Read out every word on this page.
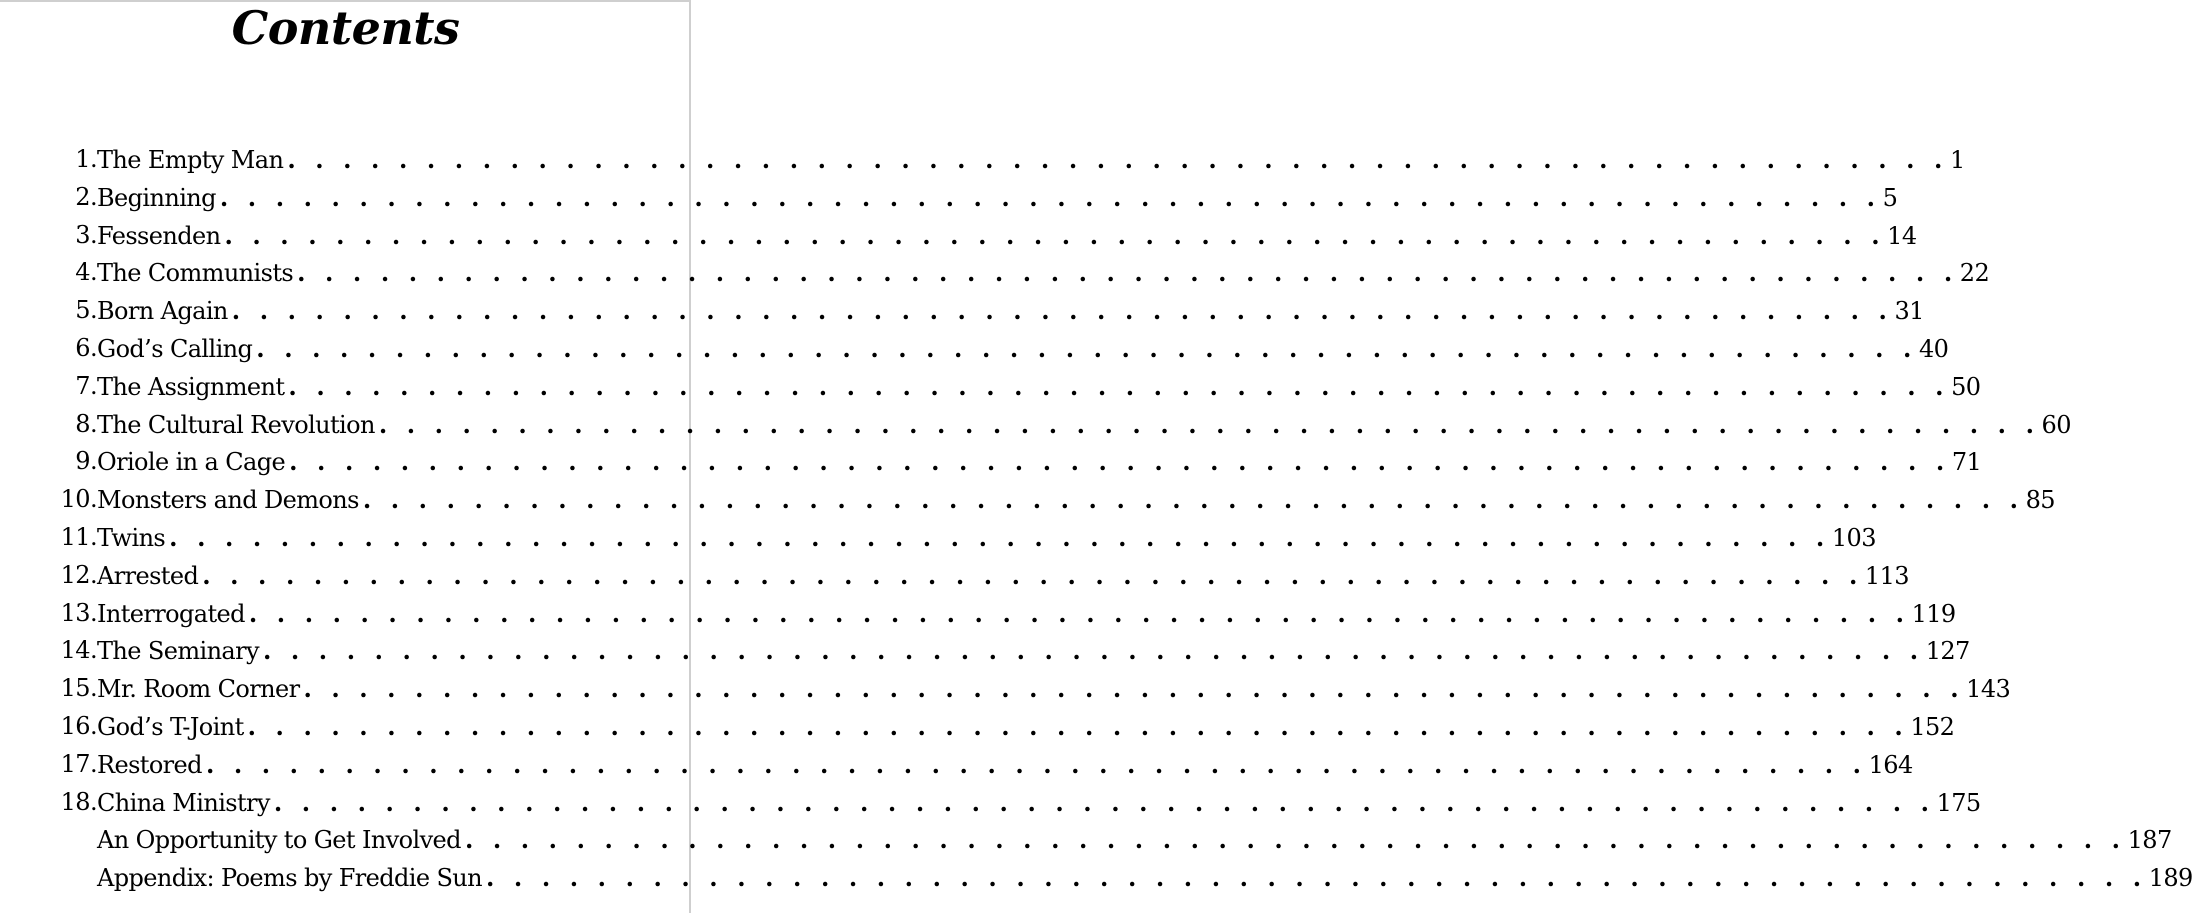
Contents
1. The Empty Man . . . . . . . . . . . . . . . . . . . . . . . . . . . . . . . . . . . . . . . . . . . . . . . . . . . . . . . . . . . . 1
2. Beginning . . . . . . . . . . . . . . . . . . . . . . . . . . . . . . . . . . . . . . . . . . . . . . . . . . . . . . . . . . . . 5
3. Fessenden . . . . . . . . . . . . . . . . . . . . . . . . . . . . . . . . . . . . . . . . . . . . . . . . . . . . . . . . . . . . 14
4. The Communists . . . . . . . . . . . . . . . . . . . . . . . . . . . . . . . . . . . . . . . . . . . . . . . . . . . . . . . . . . . . 22
5. Born Again . . . . . . . . . . . . . . . . . . . . . . . . . . . . . . . . . . . . . . . . . . . . . . . . . . . . . . . . . . . . 31
6. God’s Calling . . . . . . . . . . . . . . . . . . . . . . . . . . . . . . . . . . . . . . . . . . . . . . . . . . . . . . . . . . . . 40
7. The Assignment . . . . . . . . . . . . . . . . . . . . . . . . . . . . . . . . . . . . . . . . . . . . . . . . . . . . . . . . . . . . 50
8. The Cultural Revolution . . . . . . . . . . . . . . . . . . . . . . . . . . . . . . . . . . . . . . . . . . . . . . . . . . . . . . . . . . . . 60
9. Oriole in a Cage . . . . . . . . . . . . . . . . . . . . . . . . . . . . . . . . . . . . . . . . . . . . . . . . . . . . . . . . . . . . 71
10. Monsters and Demons . . . . . . . . . . . . . . . . . . . . . . . . . . . . . . . . . . . . . . . . . . . . . . . . . . . . . . . . . . . . 85
11. Twins . . . . . . . . . . . . . . . . . . . . . . . . . . . . . . . . . . . . . . . . . . . . . . . . . . . . . . . . . . . . 103
12. Arrested . . . . . . . . . . . . . . . . . . . . . . . . . . . . . . . . . . . . . . . . . . . . . . . . . . . . . . . . . . . . 113
13. Interrogated . . . . . . . . . . . . . . . . . . . . . . . . . . . . . . . . . . . . . . . . . . . . . . . . . . . . . . . . . . . . 119
14. The Seminary . . . . . . . . . . . . . . . . . . . . . . . . . . . . . . . . . . . . . . . . . . . . . . . . . . . . . . . . . . . . 127
15. Mr. Room Corner . . . . . . . . . . . . . . . . . . . . . . . . . . . . . . . . . . . . . . . . . . . . . . . . . . . . . . . . . . . . 143
16. God’s T-Joint . . . . . . . . . . . . . . . . . . . . . . . . . . . . . . . . . . . . . . . . . . . . . . . . . . . . . . . . . . . . 152
17. Restored . . . . . . . . . . . . . . . . . . . . . . . . . . . . . . . . . . . . . . . . . . . . . . . . . . . . . . . . . . . . 164
18. China Ministry . . . . . . . . . . . . . . . . . . . . . . . . . . . . . . . . . . . . . . . . . . . . . . . . . . . . . . . . . . . . 175
An Opportunity to Get Involved . . . . . . . . . . . . . . . . . . . . . . . . . . . . . . . . . . . . . . . . . . . . . . . . . . . . . . . . . . . . 187
Appendix: Poems by Freddie Sun . . . . . . . . . . . . . . . . . . . . . . . . . . . . . . . . . . . . . . . . . . . . . . . . . . . . . . . . . . . . 189
